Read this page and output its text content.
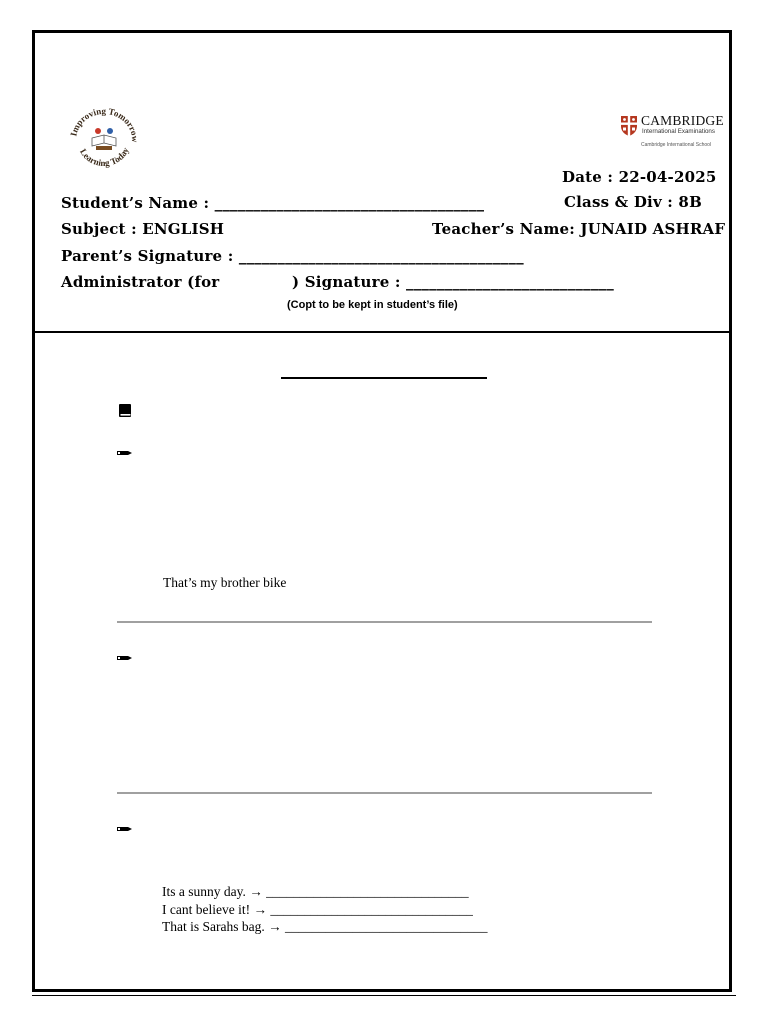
Improving Tomorrow
Learning Today
CAMBRIDGE
International Examinations
Cambridge International School
Date : 22-04-2025
Student’s Name : ___________________________________	Class & Div : 8B
Subject : ENGLISH	Teacher’s Name: JUNAID ASHRAF
Parent’s Signature : _____________________________________
Administrator (for	) Signature : ___________________________
(Copt to be kept in student’s file)
That’s my brother bike
Its a sunny day. → ______________________________
I cant believe it! → ______________________________
That is Sarahs bag. → ______________________________
